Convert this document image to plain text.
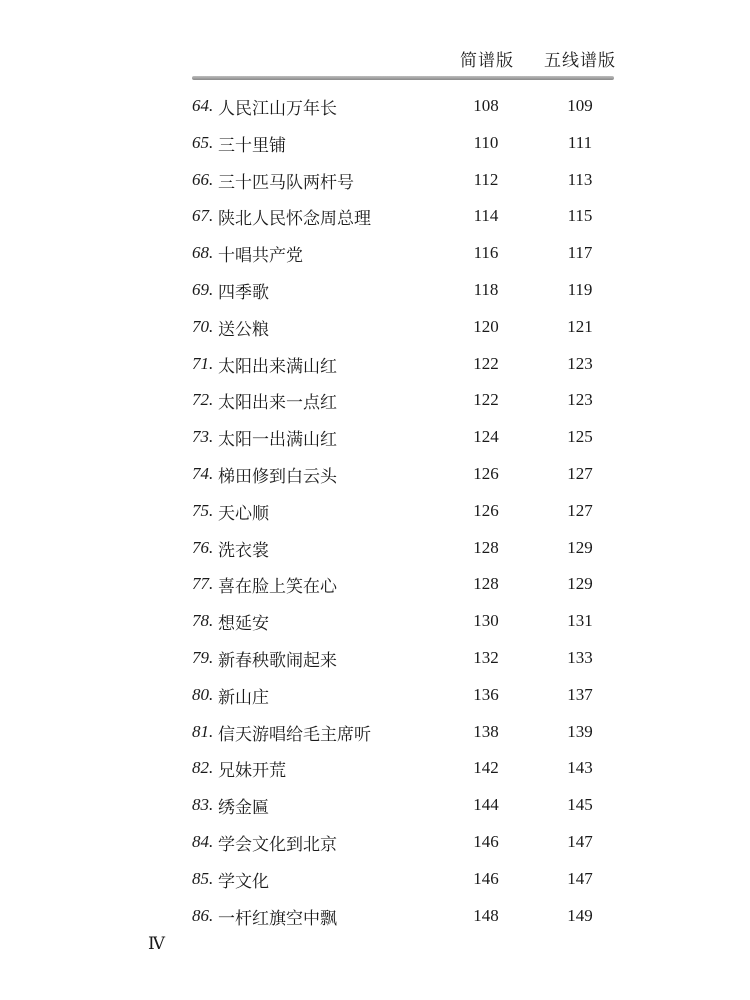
简谱版 五线谱版
64. 人民江山万年长	108	109
65. 三十里铺	110	111
66. 三十匹马队两杆号	112	113
67. 陕北人民怀念周总理	114	115
68. 十唱共产党	116	117
69. 四季歌	118	119
70. 送公粮	120	121
71. 太阳出来满山红	122	123
72. 太阳出来一点红	122	123
73. 太阳一出满山红	124	125
74. 梯田修到白云头	126	127
75. 天心顺	126	127
76. 洗衣裳	128	129
77. 喜在脸上笑在心	128	129
78. 想延安	130	131
79. 新春秧歌闹起来	132	133
80. 新山庄	136	137
81. 信天游唱给毛主席听	138	139
82. 兄妹开荒	142	143
83. 绣金匾	144	145
84. 学会文化到北京	146	147
85. 学文化	146	147
86. 一杆红旗空中飘	148	149
Ⅳ
